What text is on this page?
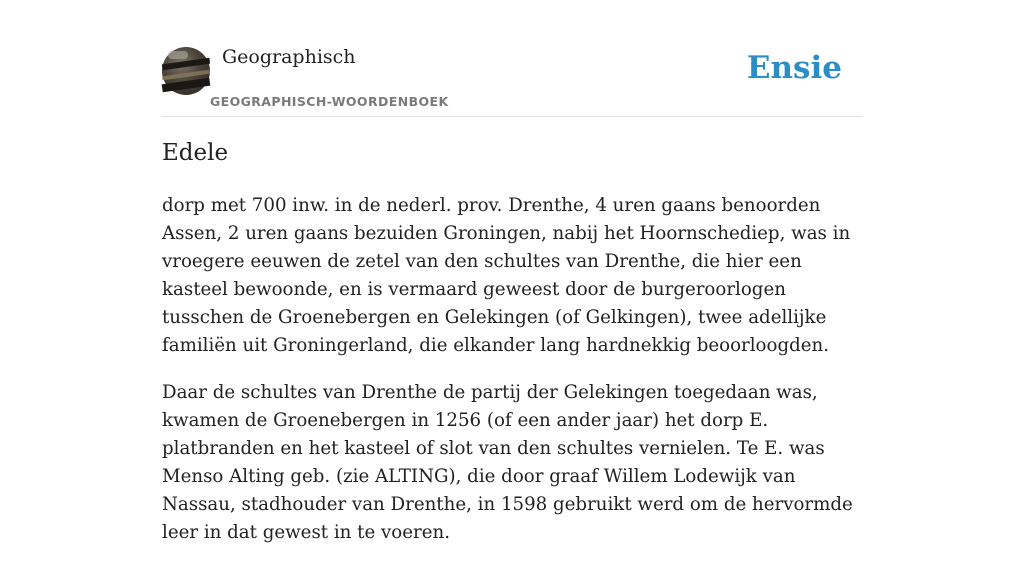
Geographisch
GEOGRAPHISCH-WOORDENBOEK
Ensie
Edele

dorp met 700 inw. in de nederl. prov. Drenthe, 4 uren gaans benoorden Assen, 2 uren gaans bezuiden Groningen, nabij het Hoornschediep, was in vroegere eeuwen de zetel van den schultes van Drenthe, die hier een kasteel bewoonde, en is vermaard geweest door de burgeroorlogen tusschen de Groenebergen en Gelekingen (of Gelkingen), twee adellijke familiën uit Groningerland, die elkander lang hardnekkig beoorloogden.

Daar de schultes van Drenthe de partij der Gelekingen toegedaan was, kwamen de Groenebergen in 1256 (of een ander jaar) het dorp E. platbranden en het kasteel of slot van den schultes vernielen. Te E. was Menso Alting geb. (zie ALTING), die door graaf Willem Lodewijk van Nassau, stadhouder van Drenthe, in 1598 gebruikt werd om de hervormde leer in dat gewest in te voeren.
